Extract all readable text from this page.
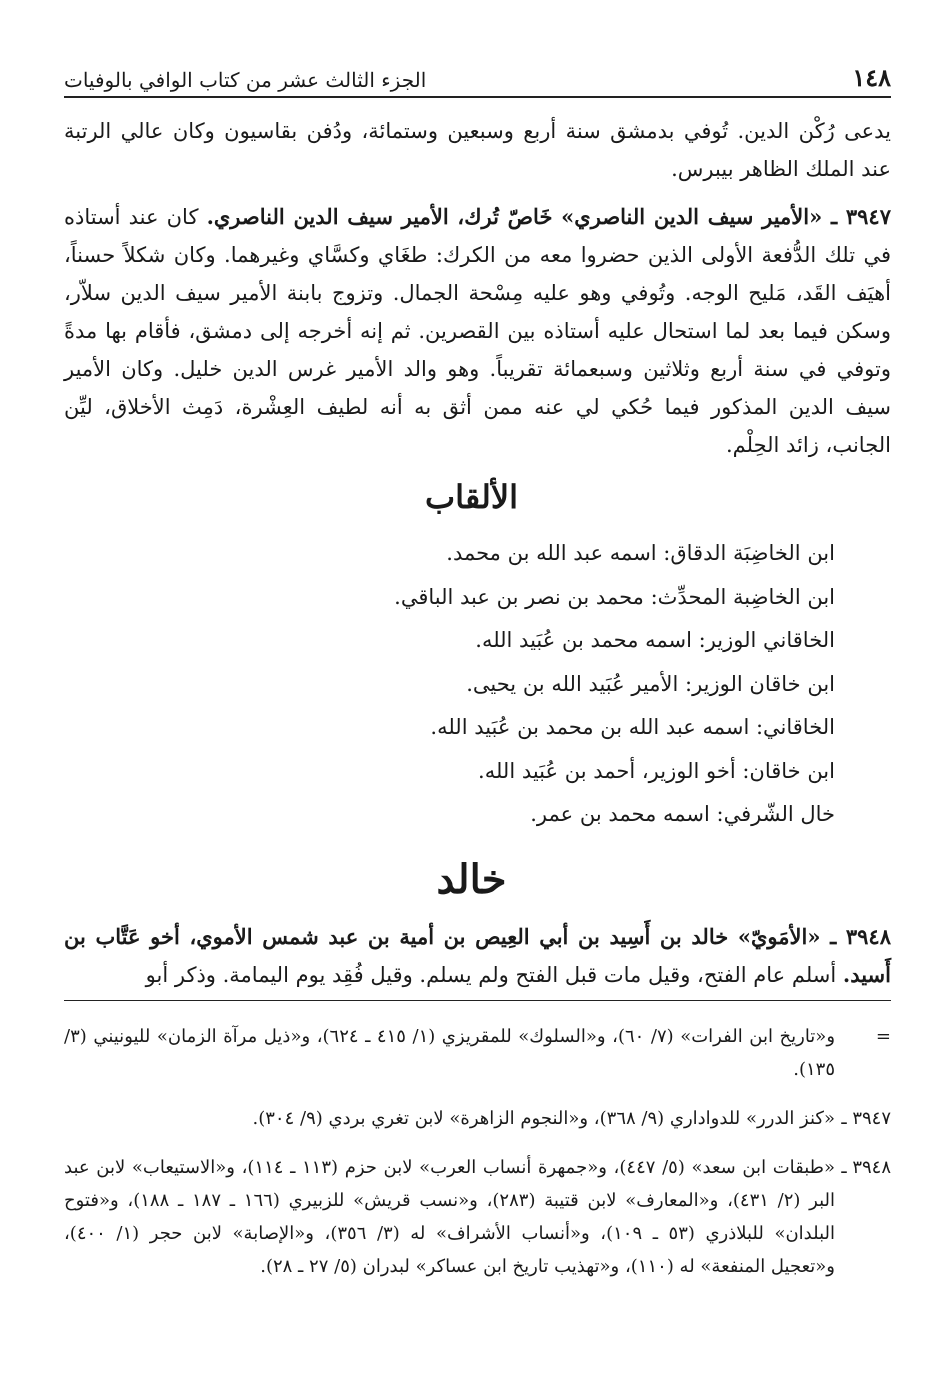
١٤٨
الجزء الثالث عشر من كتاب الوافي بالوفيات

يدعى رُكْن الدين. تُوفي بدمشق سنة أربع وسبعين وستمائة، ودُفن بقاسيون وكان عالي الرتبة عند الملك الظاهر بيبرس.

٣٩٤٧ ـ «الأمير سيف الدين الناصري» خَاصّ تُرك، الأمير سيف الدين الناصري. كان عند أستاذه في تلك الدُّفعة الأولى الذين حضروا معه من الكرك: طغَاي وكسَّاي وغيرهما. وكان شكلاً حسناً، أهيَف القَد، مَليح الوجه. وتُوفي وهو عليه مِسْحة الجمال. وتزوج بابنة الأمير سيف الدين سلاّر، وسكن فيما بعد لما استحال عليه أستاذه بين القصرين. ثم إنه أخرجه إلى دمشق، فأقام بها مدةً وتوفي في سنة أربع وثلاثين وسبعمائة تقريباً. وهو والد الأمير غرس الدين خليل. وكان الأمير سيف الدين المذكور فيما حُكي لي عنه ممن أثق به أنه لطيف العِشْرة، دَمِث الأخلاق، ليِّن الجانب، زائد الحِلْم.

الألقاب
ابن الخاضِبَة الدقاق: اسمه عبد الله بن محمد.
ابن الخاضِبة المحدِّث: محمد بن نصر بن عبد الباقي.
الخاقاني الوزير: اسمه محمد بن عُبَيد الله.
ابن خاقان الوزير: الأمير عُبَيد الله بن يحيى.
الخاقاني: اسمه عبد الله بن محمد بن عُبَيد الله.
ابن خاقان: أخو الوزير، أحمد بن عُبَيد الله.
خال الشّرفي: اسمه محمد بن عمر.
خالد

٣٩٤٨ ـ «الأمَويّ» خالد بن أَسِيد بن أبي العِيص بن أمية بن عبد شمس الأموي، أخو عَتَّاب بن أَسيد. أسلم عام الفتح، وقيل مات قبل الفتح ولم يسلم. وقيل فُقِد يوم اليمامة. وذكر أبو

=
و«تاريخ ابن الفرات» (٧/ ٦٠)، و«السلوك» للمقريزي (١/ ٤١٥ ـ ٦٢٤)، و«ذيل مرآة الزمان» لليونيني (٣/ ١٣٥).
٣٩٤٧ ـ
«كنز الدرر» للدواداري (٩/ ٣٦٨)، و«النجوم الزاهرة» لابن تغري بردي (٩/ ٣٠٤).
٣٩٤٨ ـ
«طبقات ابن سعد» (٥/ ٤٤٧)، و«جمهرة أنساب العرب» لابن حزم (١١٣ ـ ١١٤)، و«الاستيعاب» لابن عبد البر (٢/ ٤٣١)، و«المعارف» لابن قتيبة (٢٨٣)، و«نسب قريش» للزبيري (١٦٦ ـ ١٨٧ ـ ١٨٨)، و«فتوح البلدان» للبلاذري (٥٣ ـ ١٠٩)، و«أنساب الأشراف» له (٣/ ٣٥٦)، و«الإصابة» لابن حجر (١/ ٤٠٠)، و«تعجيل المنفعة» له (١١٠)، و«تهذيب تاريخ ابن عساكر» لبدران (٥/ ٢٧ ـ ٢٨).
